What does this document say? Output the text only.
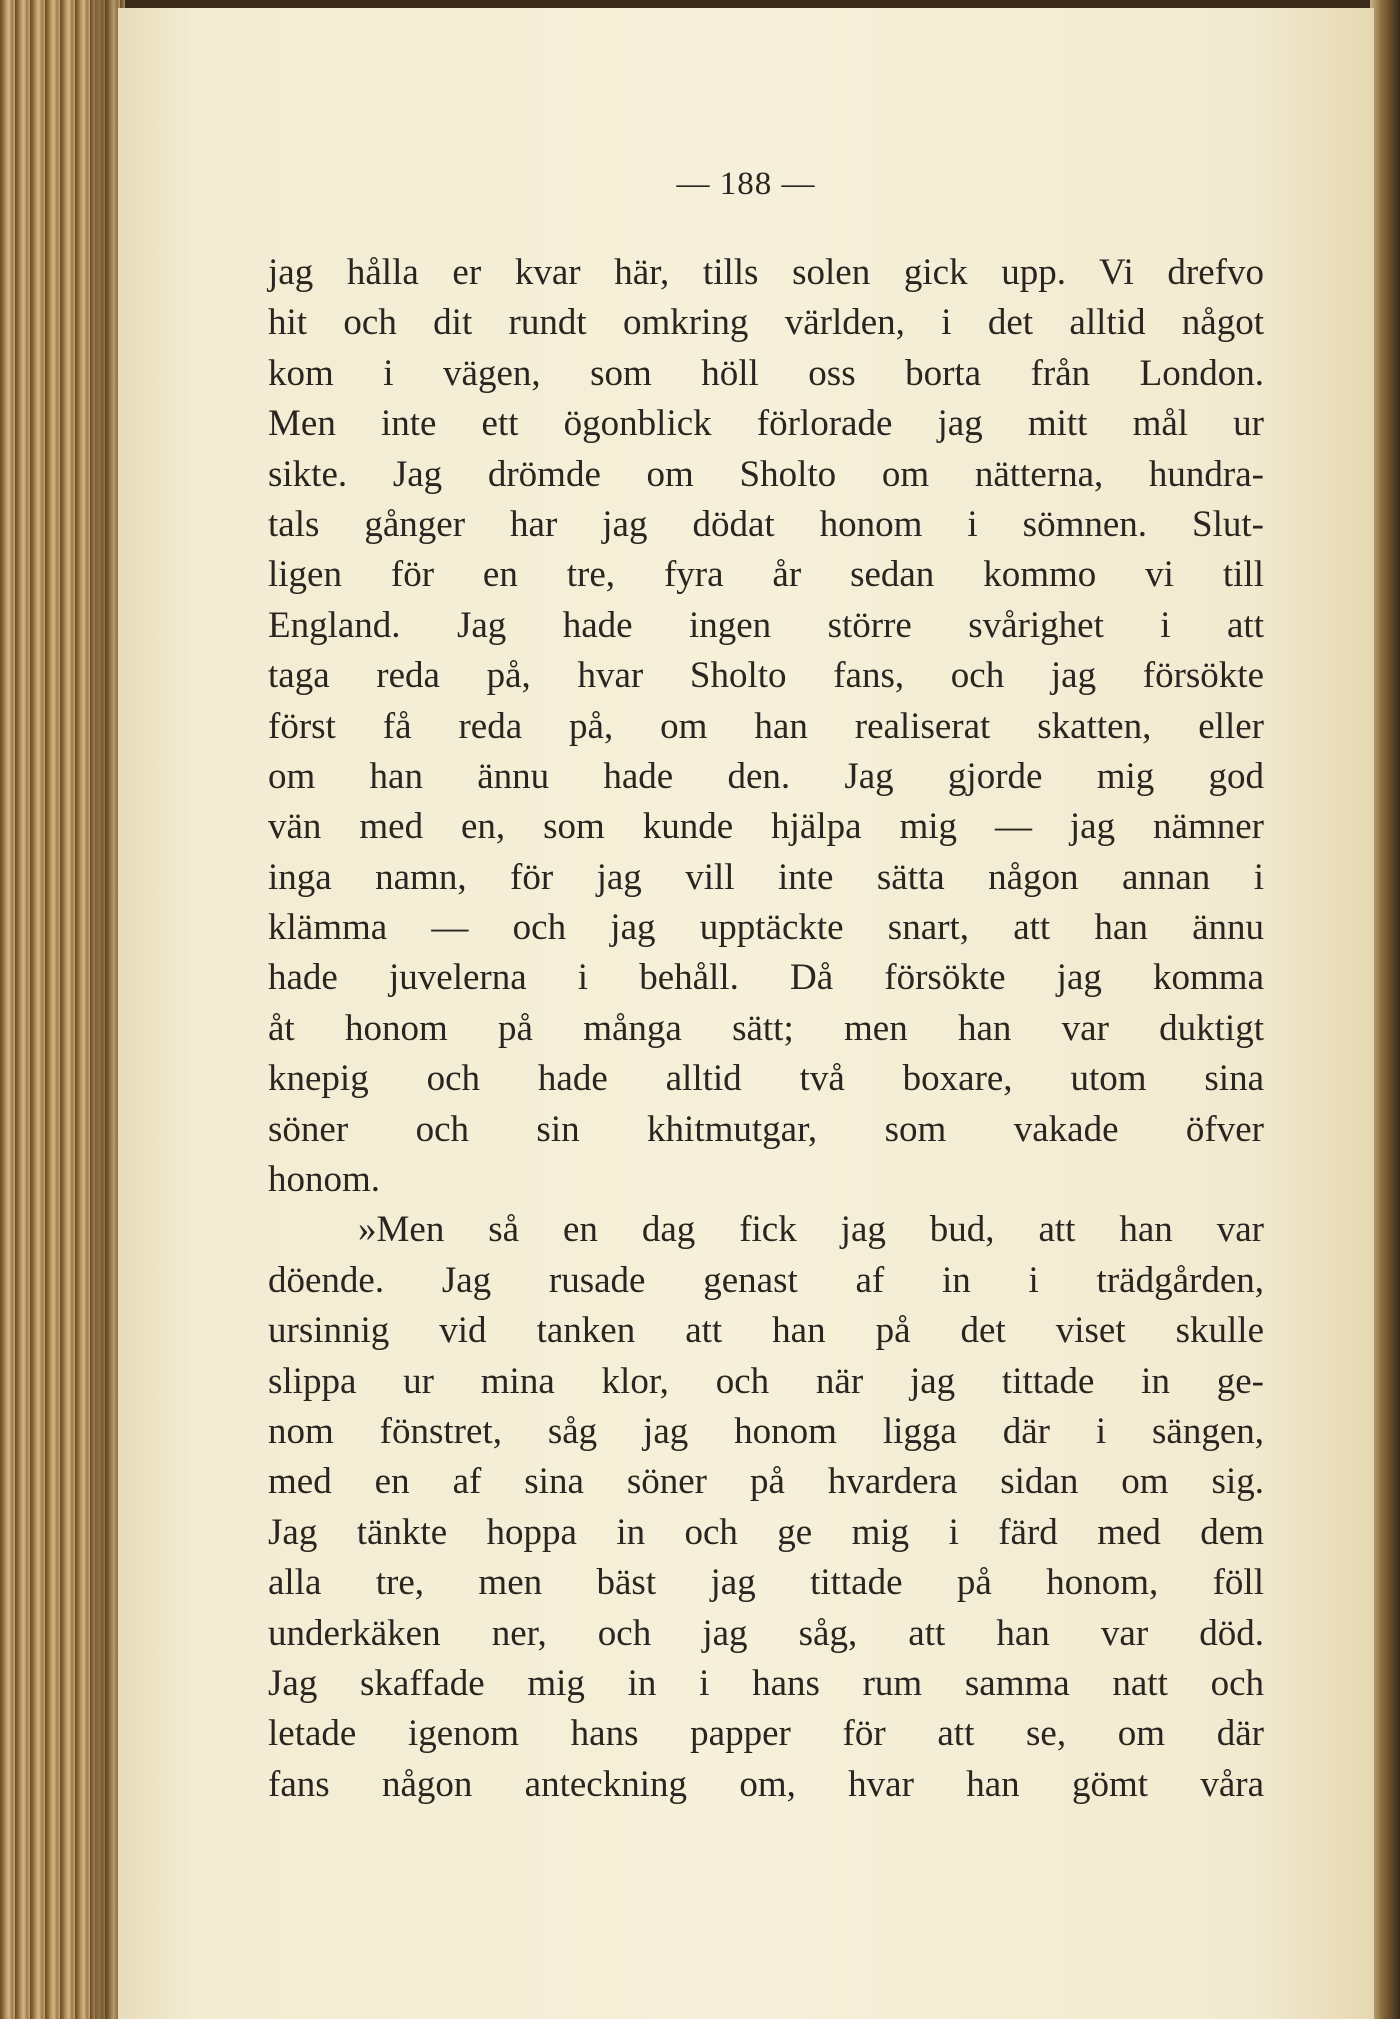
— 188 —
jag hålla er kvar här, tills solen gick upp. Vi drefvo
hit och dit rundt omkring världen, i det alltid något
kom i vägen, som höll oss borta från London.
Men inte ett ögonblick förlorade jag mitt mål ur
sikte. Jag drömde om Sholto om nätterna, hundra-
tals gånger har jag dödat honom i sömnen. Slut-
ligen för en tre, fyra år sedan kommo vi till
England. Jag hade ingen större svårighet i att
taga reda på, hvar Sholto fans, och jag försökte
först få reda på, om han realiserat skatten, eller
om han ännu hade den. Jag gjorde mig god
vän med en, som kunde hjälpa mig — jag nämner
inga namn, för jag vill inte sätta någon annan i
klämma — och jag upptäckte snart, att han ännu
hade juvelerna i behåll. Då försökte jag komma
åt honom på många sätt; men han var duktigt
knepig och hade alltid två boxare, utom sina
söner och sin khitmutgar, som vakade öfver
honom.
»Men så en dag fick jag bud, att han var
döende. Jag rusade genast af in i trädgården,
ursinnig vid tanken att han på det viset skulle
slippa ur mina klor, och när jag tittade in ge-
nom fönstret, såg jag honom ligga där i sängen,
med en af sina söner på hvardera sidan om sig.
Jag tänkte hoppa in och ge mig i färd med dem
alla tre, men bäst jag tittade på honom, föll
underkäken ner, och jag såg, att han var död.
Jag skaffade mig in i hans rum samma natt och
letade igenom hans papper för att se, om där
fans någon anteckning om, hvar han gömt våra
